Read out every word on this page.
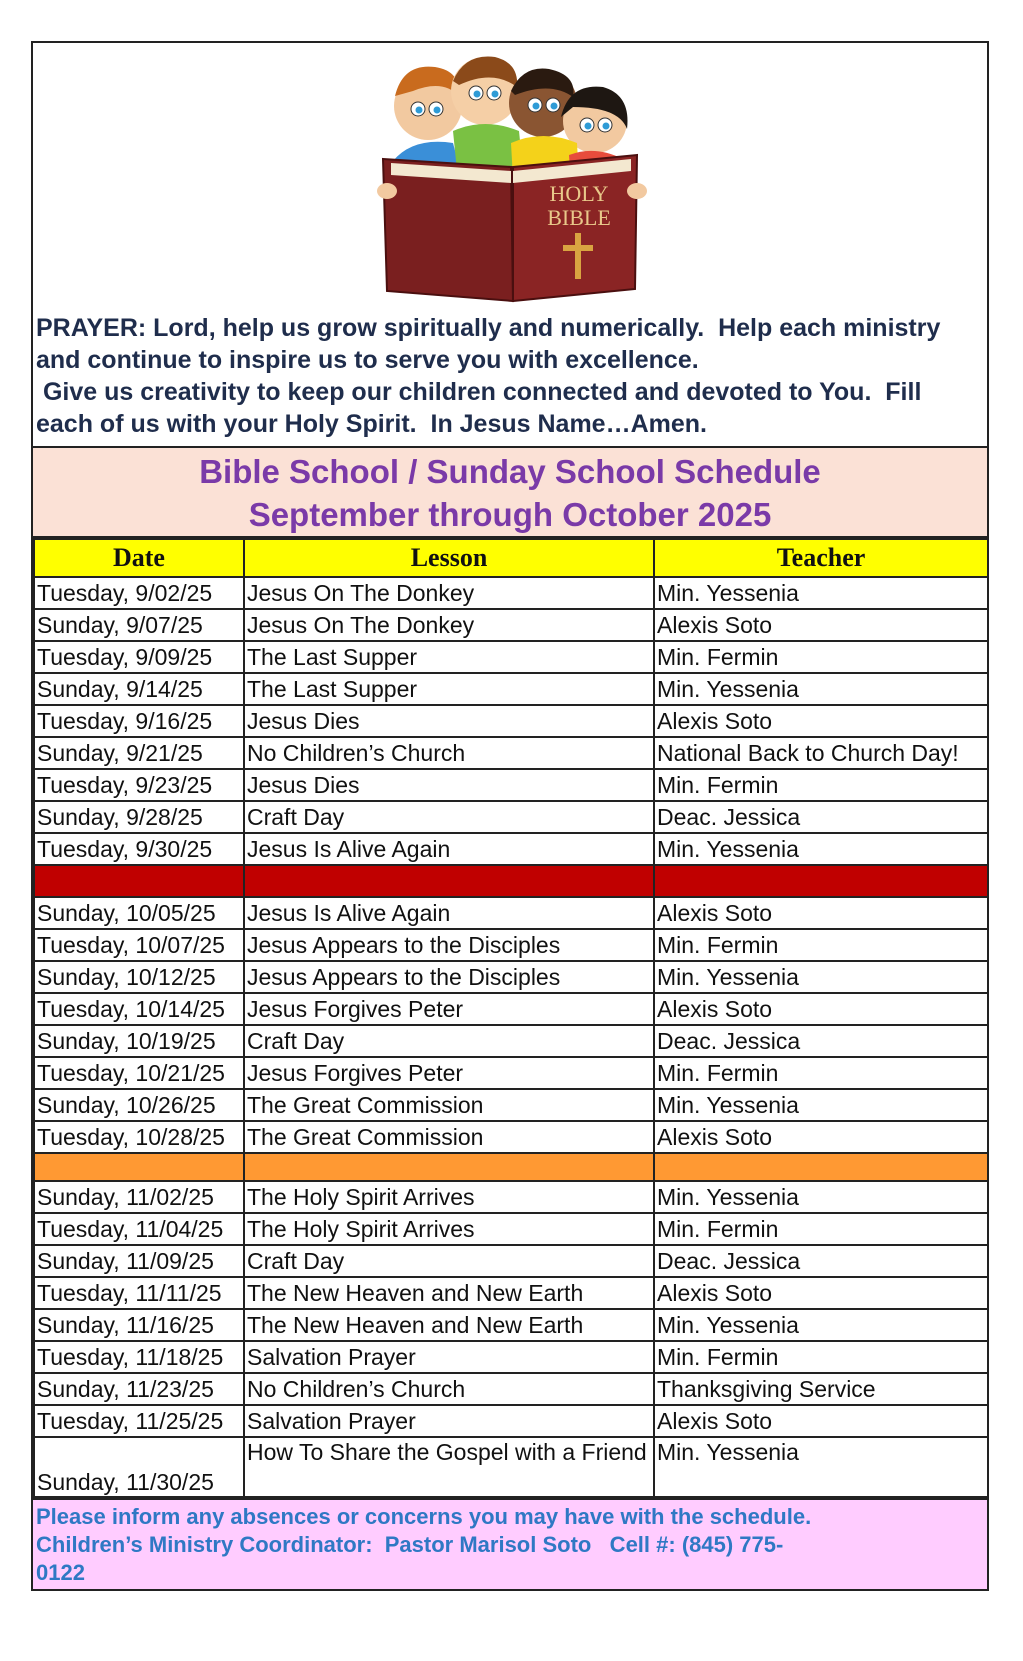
HOLY
BIBLE
PRAYER: Lord, help us grow spiritually and numerically.  Help each ministry and continue to inspire us to serve you with excellence.
Give us creativity to keep our children connected and devoted to You.  Fill each of us with your Holy Spirit.  In Jesus Name…Amen.
Bible School / Sunday School Schedule
September through October 2025
Date	Lesson	Teacher
Tuesday, 9/02/25	Jesus On The Donkey	Min. Yessenia
Sunday, 9/07/25	Jesus On The Donkey	Alexis Soto
Tuesday, 9/09/25	The Last Supper	Min. Fermin
Sunday, 9/14/25	The Last Supper	Min. Yessenia
Tuesday, 9/16/25	Jesus Dies	Alexis Soto
Sunday, 9/21/25	No Children’s Church	National Back to Church Day!
Tuesday, 9/23/25	Jesus Dies	Min. Fermin
Sunday, 9/28/25	Craft Day	Deac. Jessica
Tuesday, 9/30/25	Jesus Is Alive Again	Min. Yessenia

Sunday, 10/05/25	Jesus Is Alive Again	Alexis Soto
Tuesday, 10/07/25	Jesus Appears to the Disciples	Min. Fermin
Sunday, 10/12/25	Jesus Appears to the Disciples	Min. Yessenia
Tuesday, 10/14/25	Jesus Forgives Peter	Alexis Soto
Sunday, 10/19/25	Craft Day	Deac. Jessica
Tuesday, 10/21/25	Jesus Forgives Peter	Min. Fermin
Sunday, 10/26/25	The Great Commission	Min. Yessenia
Tuesday, 10/28/25	The Great Commission	Alexis Soto

Sunday, 11/02/25	The Holy Spirit Arrives	Min. Yessenia
Tuesday, 11/04/25	The Holy Spirit Arrives	Min. Fermin
Sunday, 11/09/25	Craft Day	Deac. Jessica
Tuesday, 11/11/25	The New Heaven and New Earth	Alexis Soto
Sunday, 11/16/25	The New Heaven and New Earth	Min. Yessenia
Tuesday, 11/18/25	Salvation Prayer	Min. Fermin
Sunday, 11/23/25	No Children’s Church	Thanksgiving Service
Tuesday, 11/25/25	Salvation Prayer	Alexis Soto
Sunday, 11/30/25	How To Share the Gospel with a Friend	Min. Yessenia
Please inform any absences or concerns you may have with the schedule.
Children’s Ministry Coordinator:  Pastor Marisol Soto   Cell #: (845) 775-
0122
